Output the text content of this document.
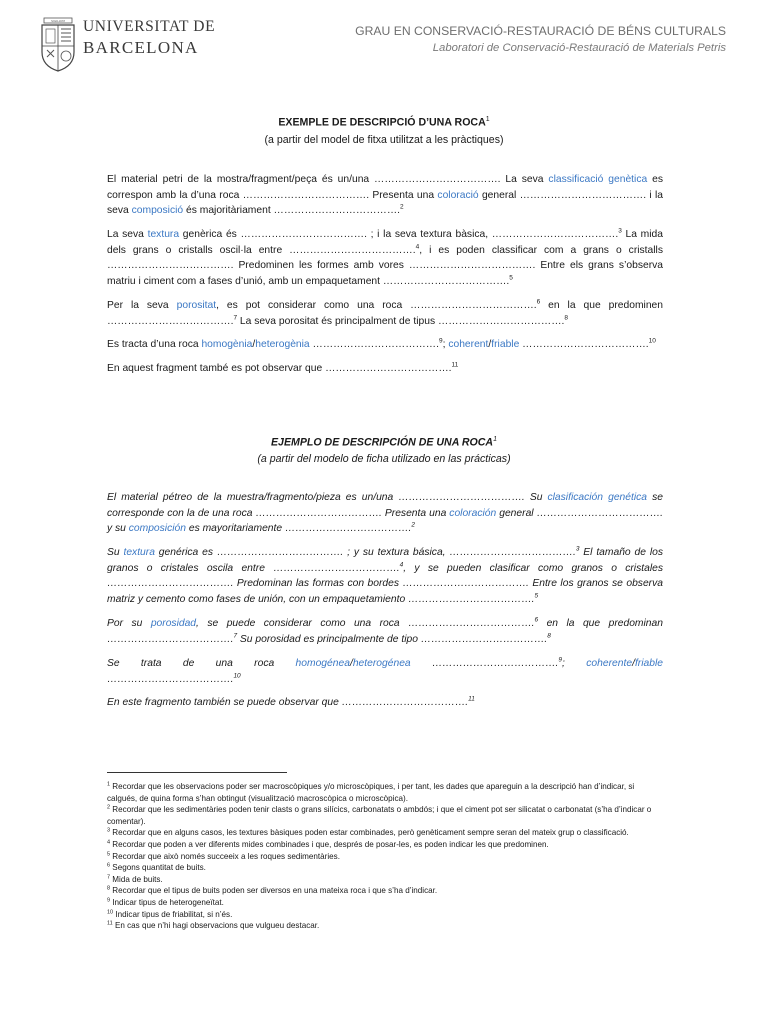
SIGILLVM UNIVERSITAT DE
BARCELONA
GRAU EN CONSERVACIÓ-RESTAURACIÓ DE BÉNS CULTURALS
Laboratori de Conservació-Restauració de Materials Petris
EXEMPLE DE DESCRIPCIÓ D’UNA ROCA$^1$
(a partir del model de fitxa utilitzat a les pràctiques)
El material petri de la mostra/fragment/peça és un/una ………………………………. La seva classificació genètica es correspon amb la d’una roca ………………………………. Presenta una coloració general ………………………………. i la seva composició és majoritàriament ……………………………….$^2$
La seva textura genèrica és ………………………………. ; i la seva textura bàsica, ……………………………….$^3$ La mida dels grans o cristalls oscil·la entre ……………………………….$^4$, i es poden classificar com a grans o cristalls ………………………………. Predominen les formes amb vores ………………………………. Entre els grans s’observa matriu i ciment com a fases d’unió, amb un empaquetament ……………………………….$^5$
Per la seva porositat, es pot considerar como una roca ……………………………….$^6$ en la que predominen ……………………………….$^7$ La seva porositat és principalment de tipus ……………………………….$^8$
Es tracta d’una roca homogènia/heterogènia ……………………………….$^9$; coherent/friable ……………………………….$^{10}$
En aquest fragment també es pot observar que ……………………………….$^{11}$
EJEMPLO DE DESCRIPCIÓN DE UNA ROCA$^1$
(a partir del modelo de ficha utilizado en las prácticas)
El material pétreo de la muestra/fragmento/pieza es un/una ………………………………. Su clasificación genética se corresponde con la de una roca ………………………………. Presenta una coloración general ………………………………. y su composición es mayoritariamente ……………………………….$^2$
Su textura genérica es ………………………………. ; y su textura básica, ……………………………….$^3$ El tamaño de los granos o cristales oscila entre ……………………………….$^4$, y se pueden clasificar como granos o cristales ………………………………. Predominan las formas con bordes ………………………………. Entre los granos se observa matriz y cemento como fases de unión, con un empaquetamiento ……………………………….$^5$
Por su porosidad, se puede considerar como una roca ……………………………….$^6$ en la que predominan ……………………………….$^7$ Su porosidad es principalmente de tipo ……………………………….$^8$
Se trata de una roca homogénea/heterogénea ……………………………….$^9$; coherente/friable ……………………………….$^{10}$
En este fragmento también se puede observar que ……………………………….$^{11}$

$^1$ Recordar que les observacions poder ser macroscòpiques y/o microscòpiques, i per tant, les dades que apareguin a la descripció han d’indicar, si calgués, de quina forma s’han obtingut (visualització macroscòpica o microscòpica).

$^2$ Recordar que les sedimentàries poden tenir clasts o grans silícics, carbonatats o ambdós; i que el ciment pot ser silicatat o carbonatat (s’ha d’indicar o comentar).

$^3$ Recordar que en alguns casos, les textures bàsiques poden estar combinades, però genèticament sempre seran del mateix grup o classificació.

$^4$ Recordar que poden a ver diferents mides combinades i que, després de posar-les, es poden indicar les que predominen.

$^5$ Recordar que això només succeeix a les roques sedimentàries.

$^6$ Segons quantitat de buits.

$^7$ Mida de buits.

$^8$ Recordar que el tipus de buits poden ser diversos en una mateixa roca i que s’ha d’indicar.

$^9$ Indicar tipus de heterogeneïtat.

$^{10}$ Indicar tipus de friabilitat, si n’és.

$^{11}$ En cas que n’hi hagi observacions que vulgueu destacar.
